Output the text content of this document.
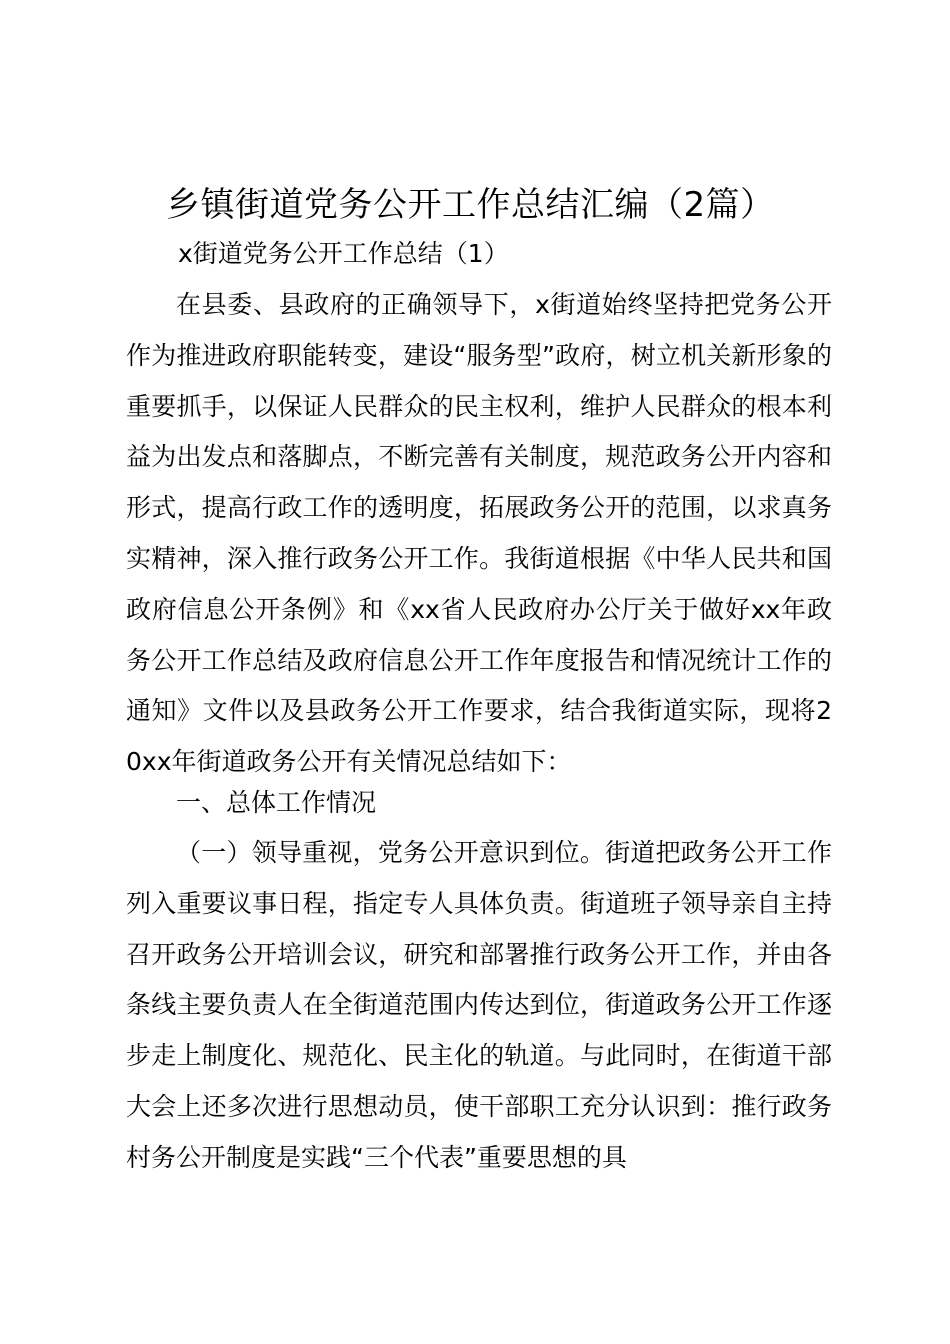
乡镇街道党务公开工作总结汇编（2篇）
x街道党务公开工作总结（1）

在县委、县政府的正确领导下，x街道始终坚持把党务公开作为推进政府职能转变，建设“服务型”政府，树立机关新形象的重要抓手，以保证人民群众的民主权利，维护人民群众的根本利益为出发点和落脚点，不断完善有关制度，规范政务公开内容和形式，提高行政工作的透明度，拓展政务公开的范围，以求真务实精神，深入推行政务公开工作。我街道根据《中华人民共和国政府信息公开条例》和《xx省人民政府办公厅关于做好xx年政务公开工作总结及政府信息公开工作年度报告和情况统计工作的通知》文件以及县政务公开工作要求，结合我街道实际，现将20xx年街道政务公开有关情况总结如下：

一、总体工作情况

（一）领导重视，党务公开意识到位。街道把政务公开工作列入重要议事日程，指定专人具体负责。街道班子领导亲自主持召开政务公开培训会议，研究和部署推行政务公开工作，并由各条线主要负责人在全街道范围内传达到位，街道政务公开工作逐步走上制度化、规范化、民主化的轨道。与此同时，在街道干部大会上还多次进行思想动员，使干部职工充分认识到：推行政务村务公开制度是实践“三个代表”重要思想的具
